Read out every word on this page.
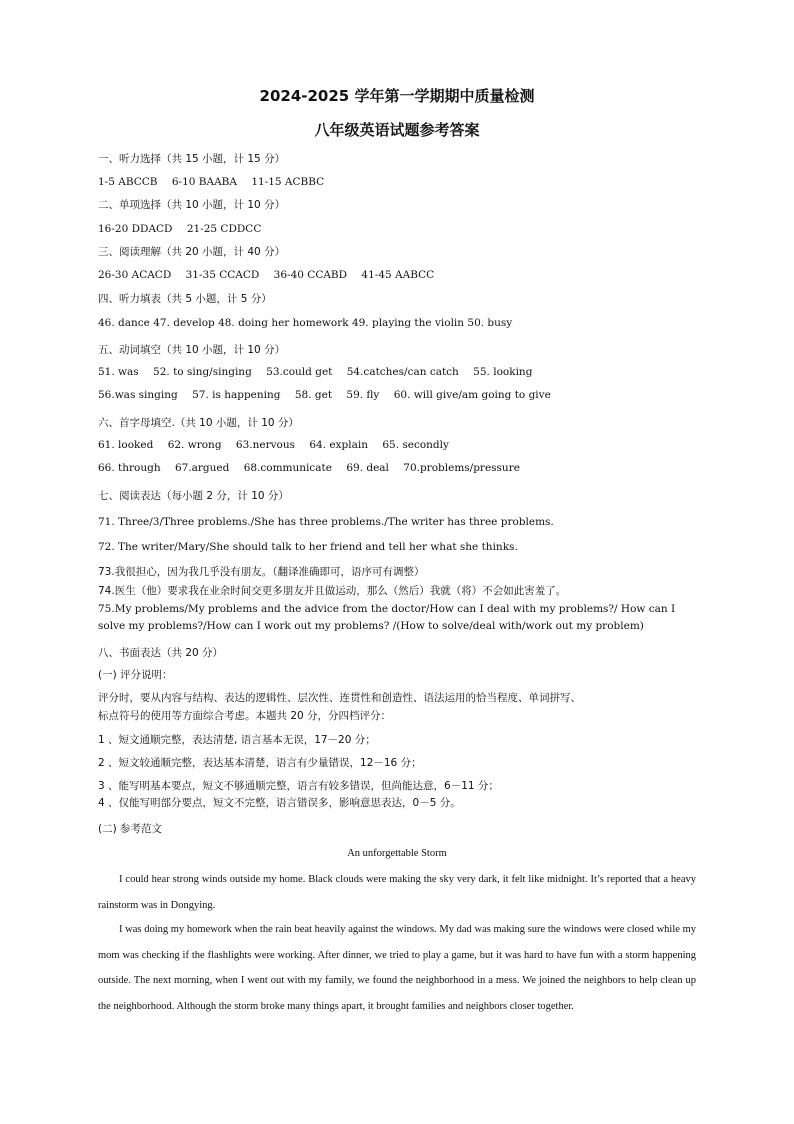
2024-2025 学年第一学期期中质量检测
八年级英语试题参考答案
一、听力选择（共 15 小题，计 15 分）
1-5 ABCCB 6-10 BAABA 11-15 ACBBC
二、单项选择（共 10 小题，计 10 分）
16-20 DDACD 21-25 CDDCC
三、阅读理解（共 20 小题，计 40 分）
26-30 ACACD 31-35 CCACD 36-40 CCABD 41-45 AABCC
四、听力填表（共 5 小题，计 5 分）
46. dance 47. develop 48. doing her homework 49. playing the violin 50. busy
五、动词填空（共 10 小题，计 10 分）
51. was 52. to sing/singing 53.could get 54.catches/can catch 55. looking
56.was singing 57. is happening 58. get 59. fly 60. will give/am going to give
六、首字母填空.（共 10 小题，计 10 分）
61. looked 62. wrong 63.nervous 64. explain 65. secondly
66. through 67.argued 68.communicate 69. deal 70.problems/pressure
七、阅读表达（每小题 2 分，计 10 分）
71. Three/3/Three problems./She has three problems./The writer has three problems.
72. The writer/Mary/She should talk to her friend and tell her what she thinks.
73.我很担心，因为我几乎没有朋友。（翻译准确即可，语序可有调整）
74.医生（他）要求我在业余时间交更多朋友并且做运动，那么（然后）我就（将）不会如此害羞了。
75.My problems/My problems and the advice from the doctor/How can I deal with my problems?/ How can I
solve my problems?/How can I work out my problems? /(How to solve/deal with/work out my problem)
八、书面表达（共 20 分）
(一) 评分说明：
评分时，要从内容与结构、表达的逻辑性、层次性、连贯性和创造性、语法运用的恰当程度、单词拼写、
标点符号的使用等方面综合考虑。本题共 20 分，分四档评分：
1 、短文通顺完整，表达清楚, 语言基本无误，17－20 分；
2 、短文较通顺完整，表达基本清楚，语言有少量错误，12－16 分；
3 、能写明基本要点，短文不够通顺完整，语言有较多错误，但尚能达意，6－11 分；
4 、仅能写明部分要点，短文不完整，语言错误多，影响意思表达，0－5 分。
(二) 参考范文
An unforgettable Storm
I could hear strong winds outside my home. Black clouds were making the sky very dark, it felt like midnight. It’s reported that a heavy rainstorm was in Dongying.
I was doing my homework when the rain beat heavily against the windows. My dad was making sure the windows were closed while my mom was checking if the flashlights were working. After dinner, we tried to play a game, but it was hard to have fun with a storm happening outside. The next morning, when I went out with my family, we found the neighborhood in a mess. We joined the neighbors to help clean up the neighborhood. Although the storm broke many things apart, it brought families and neighbors closer together.
